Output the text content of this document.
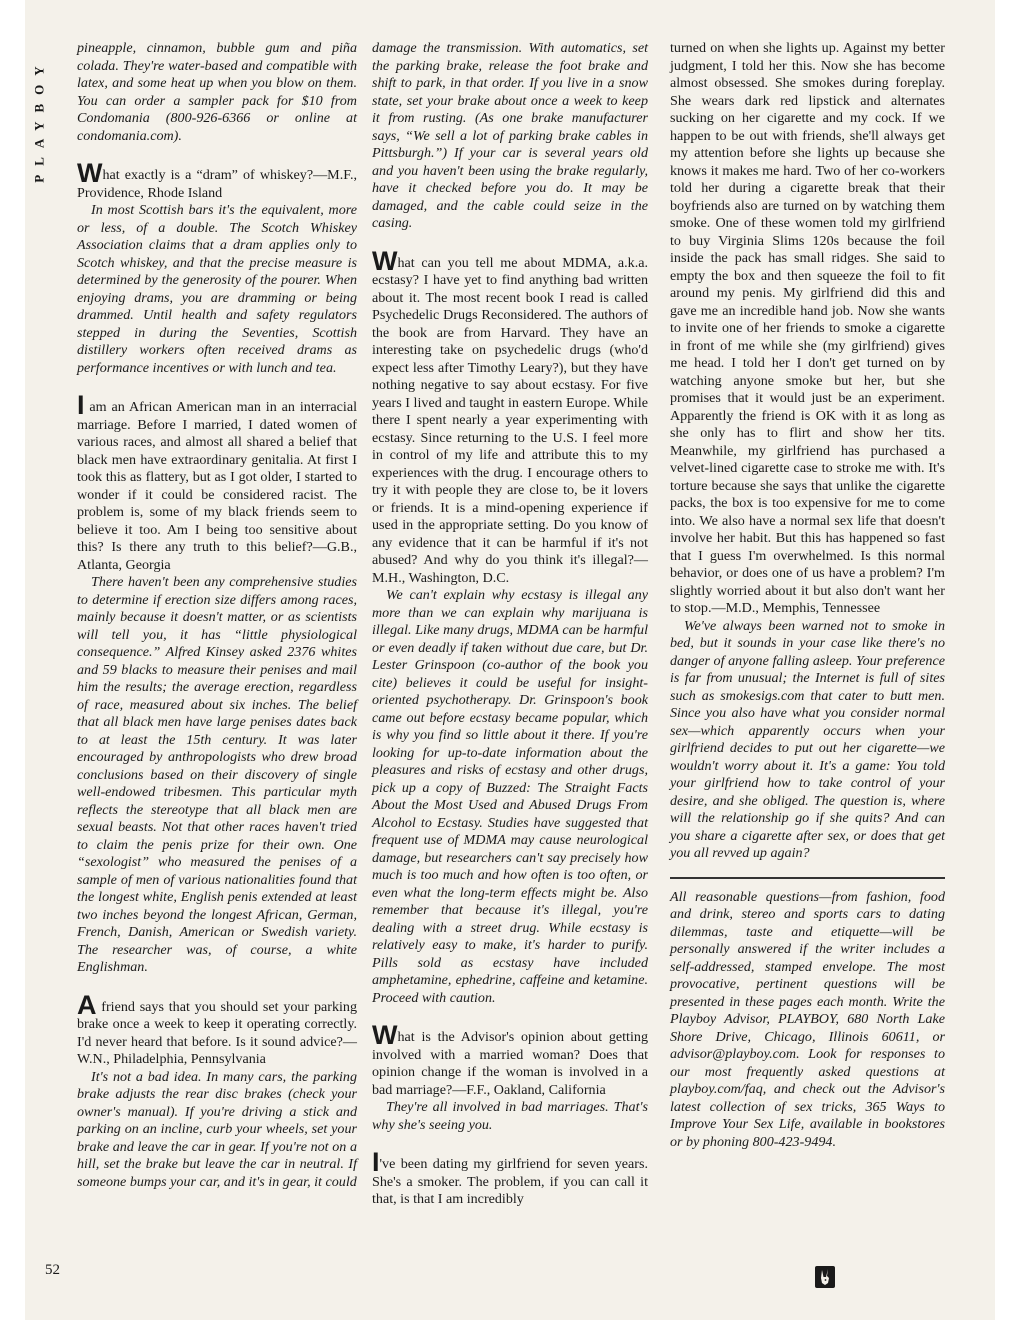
PLAYBOY
52

pineapple, cinnamon, bubble gum and piña colada. They're water-based and compatible with latex, and some heat up when you blow on them. You can order a sampler pack for $10 from Condomania (800-926-6366 or online at condomania.com).

What exactly is a “dram” of whiskey?—M.F., Providence, Rhode Island

In most Scottish bars it's the equivalent, more or less, of a double. The Scotch Whiskey Association claims that a dram applies only to Scotch whiskey, and that the precise measure is determined by the generosity of the pourer. When enjoying drams, you are dramming or being drammed. Until health and safety regulators stepped in during the Seventies, Scottish distillery workers often received drams as performance incentives or with lunch and tea.

I am an African American man in an interracial marriage. Before I married, I dated women of various races, and almost all shared a belief that black men have extraordinary genitalia. At first I took this as flattery, but as I got older, I started to wonder if it could be considered racist. The problem is, some of my black friends seem to believe it too. Am I being too sensitive about this? Is there any truth to this belief?—G.B., Atlanta, Georgia

There haven't been any comprehensive studies to determine if erection size differs among races, mainly because it doesn't matter, or as scientists will tell you, it has “little physiological consequence.” Alfred Kinsey asked 2376 whites and 59 blacks to measure their penises and mail him the results; the average erection, regardless of race, measured about six inches. The belief that all black men have large penises dates back to at least the 15th century. It was later encouraged by anthropologists who drew broad conclusions based on their discovery of single well-endowed tribesmen. This particular myth reflects the stereotype that all black men are sexual beasts. Not that other races haven't tried to claim the penis prize for their own. One “sexologist” who measured the penises of a sample of men of various nationalities found that the longest white, English penis extended at least two inches beyond the longest African, German, French, Danish, American or Swedish variety. The researcher was, of course, a white Englishman.

A friend says that you should set your parking brake once a week to keep it operating correctly. I'd never heard that before. Is it sound advice?—W.N., Philadelphia, Pennsylvania

It's not a bad idea. In many cars, the parking brake adjusts the rear disc brakes (check your owner's manual). If you're driving a stick and parking on an incline, curb your wheels, set your brake and leave the car in gear. If you're not on a hill, set the brake but leave the car in neutral. If someone bumps your car, and it's in gear, it could

damage the transmission. With automatics, set the parking brake, release the foot brake and shift to park, in that order. If you live in a snow state, set your brake about once a week to keep it from rusting. (As one brake manufacturer says, “We sell a lot of parking brake cables in Pittsburgh.”) If your car is several years old and you haven't been using the brake regularly, have it checked before you do. It may be damaged, and the cable could seize in the casing.

What can you tell me about MDMA, a.k.a. ecstasy? I have yet to find anything bad written about it. The most recent book I read is called Psychedelic Drugs Reconsidered. The authors of the book are from Harvard. They have an interesting take on psychedelic drugs (who'd expect less after Timothy Leary?), but they have nothing negative to say about ecstasy. For five years I lived and taught in eastern Europe. While there I spent nearly a year experimenting with ecstasy. Since returning to the U.S. I feel more in control of my life and attribute this to my experiences with the drug. I encourage others to try it with people they are close to, be it lovers or friends. It is a mind-opening experience if used in the appropriate setting. Do you know of any evidence that it can be harmful if it's not abused? And why do you think it's illegal?—M.H., Washington, D.C.

We can't explain why ecstasy is illegal any more than we can explain why marijuana is illegal. Like many drugs, MDMA can be harmful or even deadly if taken without due care, but Dr. Lester Grinspoon (co-author of the book you cite) believes it could be useful for insight-oriented psychotherapy. Dr. Grinspoon's book came out before ecstasy became popular, which is why you find so little about it there. If you're looking for up-to-date information about the pleasures and risks of ecstasy and other drugs, pick up a copy of Buzzed: The Straight Facts About the Most Used and Abused Drugs From Alcohol to Ecstasy. Studies have suggested that frequent use of MDMA may cause neurological damage, but researchers can't say precisely how much is too much and how often is too often, or even what the long-term effects might be. Also remember that because it's illegal, you're dealing with a street drug. While ecstasy is relatively easy to make, it's harder to purify. Pills sold as ecstasy have included amphetamine, ephedrine, caffeine and ketamine. Proceed with caution.

What is the Advisor's opinion about getting involved with a married woman? Does that opinion change if the woman is involved in a bad marriage?—F.F., Oakland, California

They're all involved in bad marriages. That's why she's seeing you.

I've been dating my girlfriend for seven years. She's a smoker. The problem, if you can call it that, is that I am incredibly

turned on when she lights up. Against my better judgment, I told her this. Now she has become almost obsessed. She smokes during foreplay. She wears dark red lipstick and alternates sucking on her cigarette and my cock. If we happen to be out with friends, she'll always get my attention before she lights up because she knows it makes me hard. Two of her co-workers told her during a cigarette break that their boyfriends also are turned on by watching them smoke. One of these women told my girlfriend to buy Virginia Slims 120s because the foil inside the pack has small ridges. She said to empty the box and then squeeze the foil to fit around my penis. My girlfriend did this and gave me an incredible hand job. Now she wants to invite one of her friends to smoke a cigarette in front of me while she (my girlfriend) gives me head. I told her I don't get turned on by watching anyone smoke but her, but she promises that it would just be an experiment. Apparently the friend is OK with it as long as she only has to flirt and show her tits. Meanwhile, my girlfriend has purchased a velvet-lined cigarette case to stroke me with. It's torture because she says that unlike the cigarette packs, the box is too expensive for me to come into. We also have a normal sex life that doesn't involve her habit. But this has happened so fast that I guess I'm overwhelmed. Is this normal behavior, or does one of us have a problem? I'm slightly worried about it but also don't want her to stop.—M.D., Memphis, Tennessee

We've always been warned not to smoke in bed, but it sounds in your case like there's no danger of anyone falling asleep. Your preference is far from unusual; the Internet is full of sites such as smokesigs.com that cater to butt men. Since you also have what you consider normal sex—which apparently occurs when your girlfriend decides to put out her cigarette—we wouldn't worry about it. It's a game: You told your girlfriend how to take control of your desire, and she obliged. The question is, where will the relationship go if she quits? And can you share a cigarette after sex, or does that get you all revved up again?

All reasonable questions—from fashion, food and drink, stereo and sports cars to dating dilemmas, taste and etiquette—will be personally answered if the writer includes a self-addressed, stamped envelope. The most provocative, pertinent questions will be presented in these pages each month. Write the Playboy Advisor, PLAYBOY, 680 North Lake Shore Drive, Chicago, Illinois 60611, or advisor@playboy.com. Look for responses to our most frequently asked questions at playboy.com/faq, and check out the Advisor's latest collection of sex tricks, 365 Ways to Improve Your Sex Life, available in bookstores or by phoning 800-423-9494.
